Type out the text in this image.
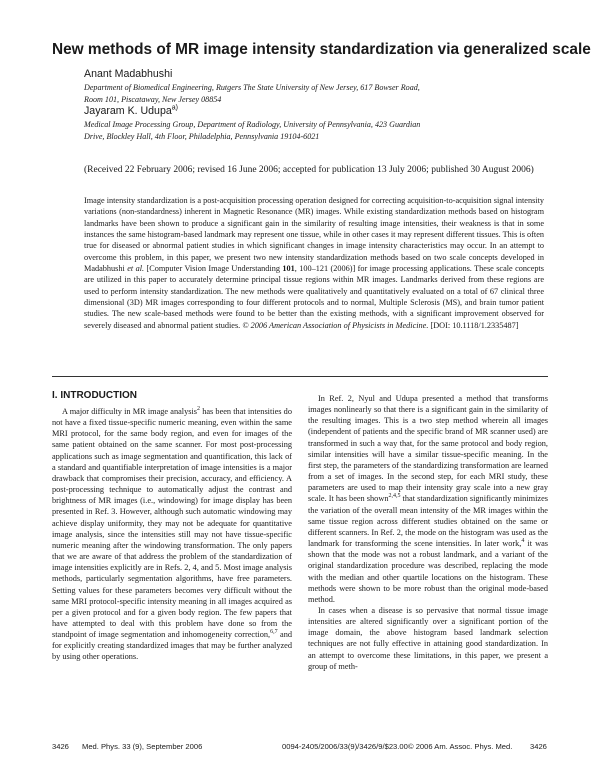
New methods of MR image intensity standardization via generalized scale

Anant Madabhushi

Department of Biomedical Engineering, Rutgers The State University of New Jersey, 617 Bowser Road,
Room 101, Piscataway, New Jersey 08854

Jayaram K. Udupa$^{a)}$

Medical Image Processing Group, Department of Radiology, University of Pennsylvania, 423 Guardian
Drive, Blockley Hall, 4th Floor, Philadelphia, Pennsylvania 19104-6021

(Received 22 February 2006; revised 16 June 2006; accepted for publication 13 July 2006; published 30 August 2006)

Image intensity standardization is a post-acquisition processing operation designed for correcting acquisition-to-acquisition signal intensity variations (non-standardness) inherent in Magnetic Resonance (MR) images. While existing standardization methods based on histogram landmarks have been shown to produce a significant gain in the similarity of resulting image intensities, their weakness is that in some instances the same histogram-based landmark may represent one tissue, while in other cases it may represent different tissues. This is often true for diseased or abnormal patient studies in which significant changes in image intensity characteristics may occur. In an attempt to overcome this problem, in this paper, we present two new intensity standardization methods based on two scale concepts developed in Madabhushi et al. [Computer Vision Image Understanding 101, 100–121 (2006)] for image processing applications. These scale concepts are utilized in this paper to accurately determine principal tissue regions within MR images. Landmarks derived from these regions are used to perform intensity standardization. The new methods were qualitatively and quantitatively evaluated on a total of 67 clinical three dimensional (3D) MR images corresponding to four different protocols and to normal, Multiple Sclerosis (MS), and brain tumor patient studies. The new scale-based methods were found to be better than the existing methods, with a significant improvement observed for severely diseased and abnormal patient studies. © 2006 American Association of Physicists in Medicine. [DOI: 10.1118/1.2335487]

I. INTRODUCTION

A major difficulty in MR image analysis$^2$ has been that intensities do not have a fixed tissue-specific numeric meaning, even within the same MRI protocol, for the same body region, and even for images of the same patient obtained on the same scanner. For most post-processing applications such as image segmentation and quantification, this lack of a standard and quantifiable interpretation of image intensities is a major drawback that compromises their precision, accuracy, and efficiency. A post-processing technique to automatically adjust the contrast and brightness of MR images (i.e., windowing) for image display has been presented in Ref. 3. However, although such automatic windowing may achieve display uniformity, they may not be adequate for quantitative image analysis, since the intensities still may not have tissue-specific numeric meaning after the windowing transformation. The only papers that we are aware of that address the problem of the standardization of image intensities explicitly are in Refs. 2, 4, and 5. Most image analysis methods, particularly segmentation algorithms, have free parameters. Setting values for these parameters becomes very difficult without the same MRI protocol-specific intensity meaning in all images acquired as per a given protocol and for a given body region. The few papers that have attempted to deal with this problem have done so from the standpoint of image segmentation and inhomogeneity correction,$^{6,7}$ and for explicitly creating standardized images that may be further analyzed by using other operations.

In Ref. 2, Nyul and Udupa presented a method that transforms images nonlinearly so that there is a significant gain in the similarity of the resulting images. This is a two step method wherein all images (independent of patients and the specific brand of MR scanner used) are transformed in such a way that, for the same protocol and body region, similar intensities will have a similar tissue-specific meaning. In the first step, the parameters of the standardizing transformation are learned from a set of images. In the second step, for each MRI study, these parameters are used to map their intensity gray scale into a new gray scale. It has been shown$^{2,4,5}$ that standardization significantly minimizes the variation of the overall mean intensity of the MR images within the same tissue region across different studies obtained on the same or different scanners. In Ref. 2, the mode on the histogram was used as the landmark for transforming the scene intensities. In later work,$^4$ it was shown that the mode was not a robust landmark, and a variant of the original standardization procedure was described, replacing the mode with the median and other quartile locations on the histogram. These methods were shown to be more robust than the original mode-based method.

In cases when a disease is so pervasive that normal tissue image intensities are altered significantly over a significant portion of the image domain, the above histogram based landmark selection techniques are not fully effective in attaining good standardization. In an attempt to overcome these limitations, in this paper, we present a group of meth-

3426 Med. Phys. 33 (9), September 2006	0094-2405/2006/33(9)/3426/9/$23.00 © 2006 Am. Assoc. Phys. Med. 3426
